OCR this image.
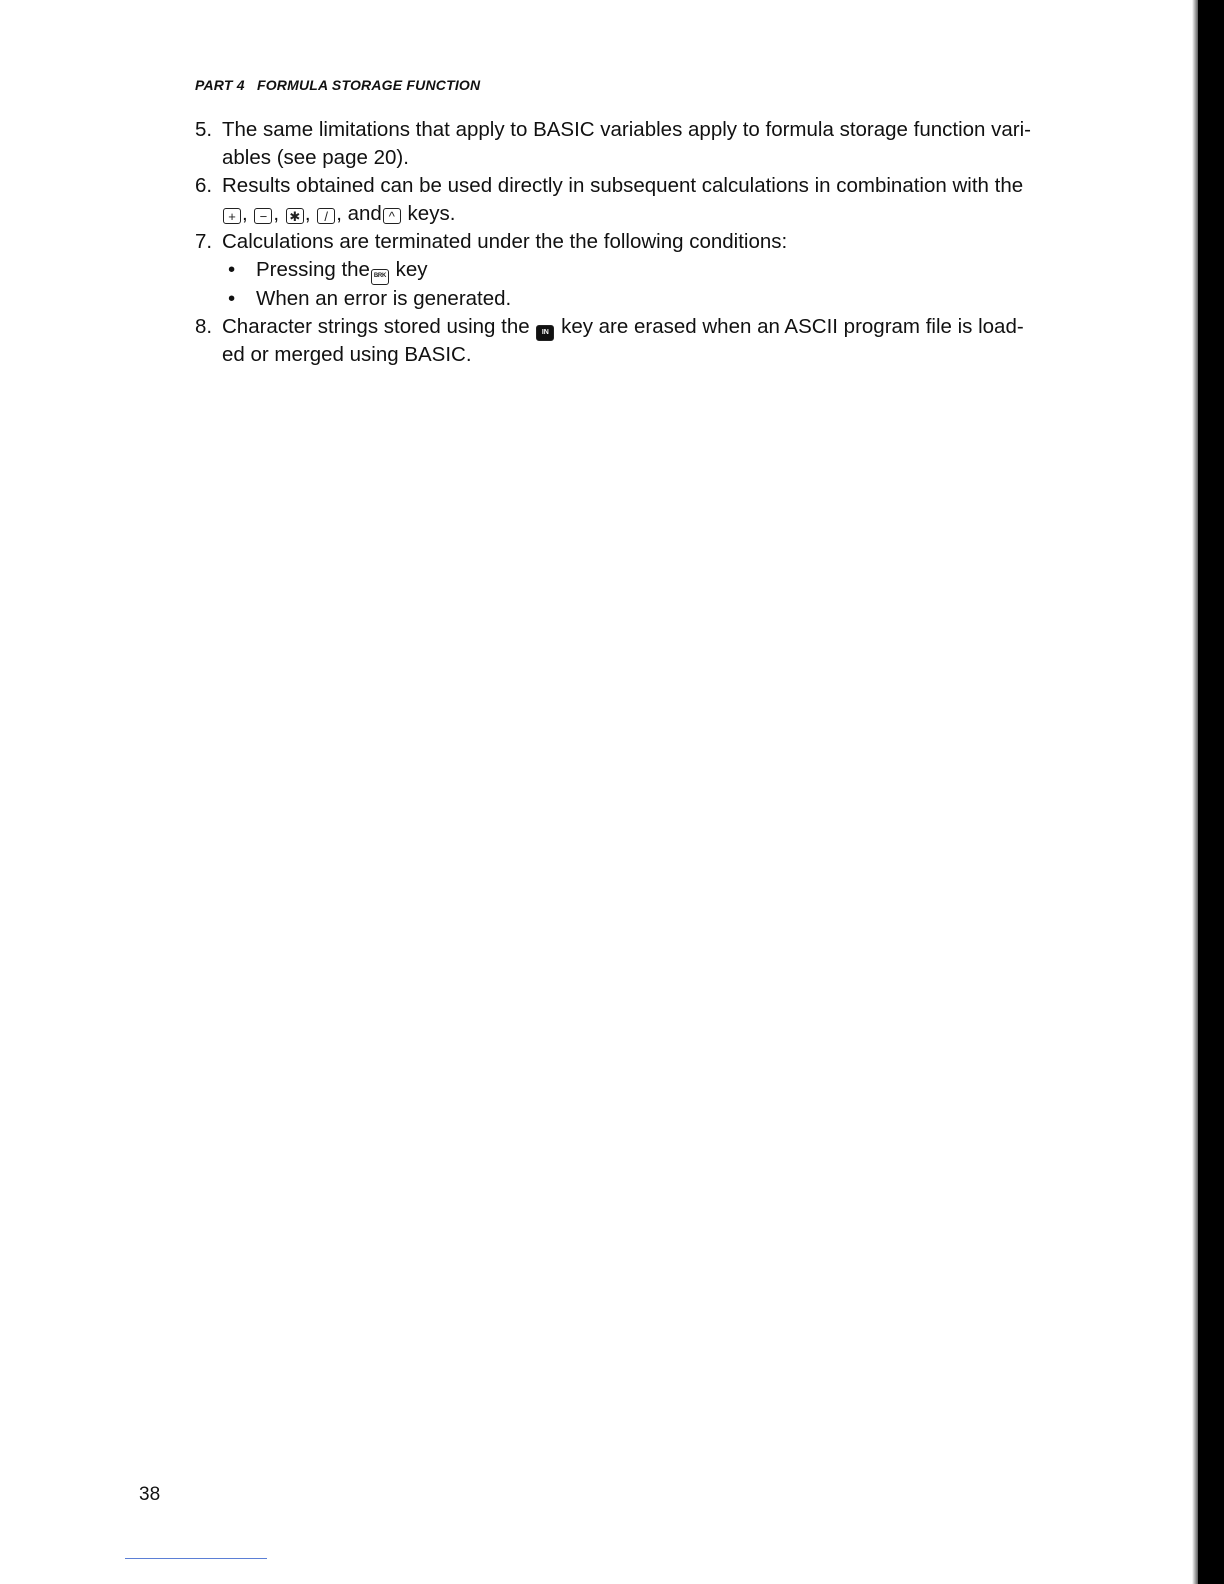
PART 4   FORMULA STORAGE FUNCTION
5. The same limitations that apply to BASIC variables apply to formula storage function vari-
ables (see page 20).
6. Results obtained can be used directly in subsequent calculations in combination with the
+ , − , ✱ , / , and ^ keys.
7. Calculations are terminated under the the following conditions:
• Pressing the BRK key
• When an error is generated.
8. Character strings stored using the IN key are erased when an ASCII program file is load-
ed or merged using BASIC.
38
